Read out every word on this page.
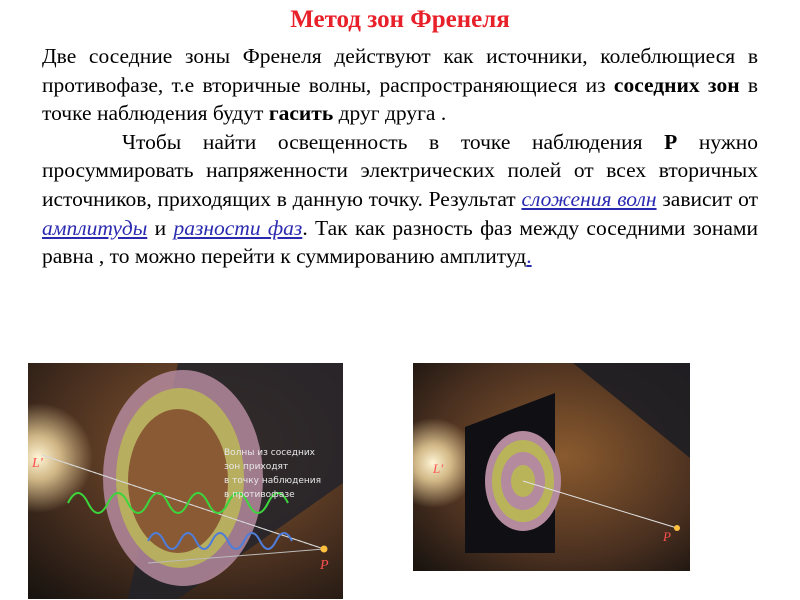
Метод зон Френеля

Две соседние зоны Френеля действуют как источники, колеблющиеся в противофазе, т.е вторичные волны, распространяющиеся из соседних зон в точке наблюдения будут гасить друг друга .

Чтобы найти освещенность в точке наблюдения P нужно просуммировать напряженности электрических полей от всех вторичных источников, приходящих в данную точку. Результат сложения волн зависит от амплитуды и разности фаз. Так как разность фаз между соседними зонами равна , то можно перейти к суммированию амплитуд.

L'
P
Волны из соседних
зон приходят
в точку наблюдения
в противофазе
L'
P
